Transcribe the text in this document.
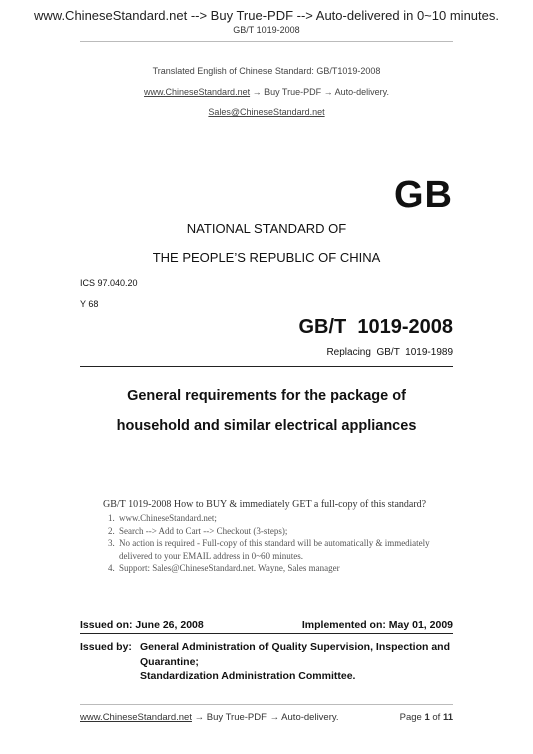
www.ChineseStandard.net --> Buy True-PDF --> Auto-delivered in 0~10 minutes.
GB/T 1019-2008
Translated English of Chinese Standard: GB/T1019-2008
www.ChineseStandard.net → Buy True-PDF → Auto-delivery.
Sales@ChineseStandard.net
GB
NATIONAL STANDARD OF
THE PEOPLE’S REPUBLIC OF CHINA
ICS 97.040.20
Y 68
GB/T  1019-2008
Replacing  GB/T  1019-1989
General requirements for the package of
household and similar electrical appliances
GB/T 1019-2008 How to BUY & immediately GET a full-copy of this standard?
1. www.ChineseStandard.net;
2. Search --> Add to Cart --> Checkout (3-steps);
3. No action is required - Full-copy of this standard will be automatically & immediately delivered to your EMAIL address in 0~60 minutes.
4. Support: Sales@ChineseStandard.net. Wayne, Sales manager
Issued on: June 26, 2008	Implemented on: May 01, 2009
Issued by: General Administration of Quality Supervision, Inspection and Quarantine;
Standardization Administration Committee.
www.ChineseStandard.net → Buy True-PDF → Auto-delivery.	Page 1 of 11
